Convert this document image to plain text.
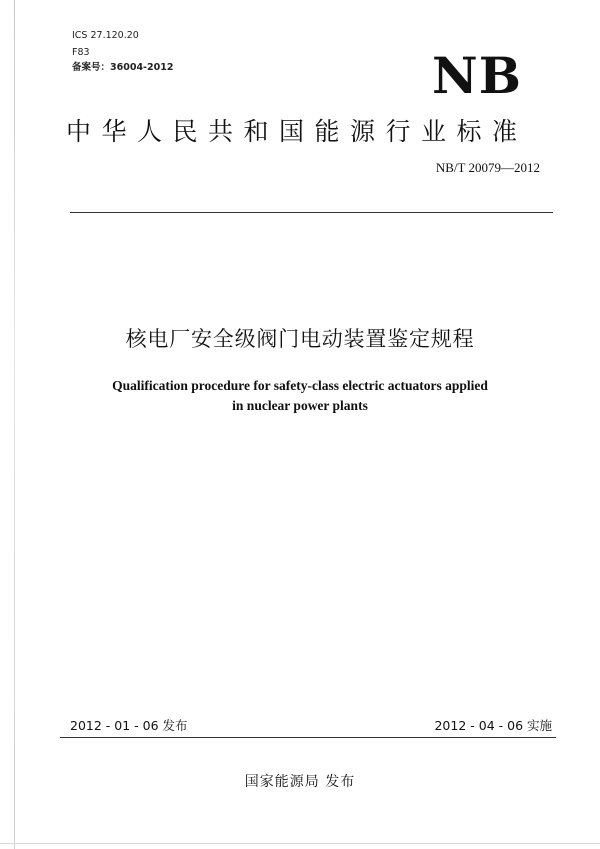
ICS 27.120.20
F83
备案号：36004-2012	NB
中华人民共和国能源行业标准
NB/T 20079—2012
核电厂安全级阀门电动装置鉴定规程
Qualification procedure for safety-class electric actuators applied
in nuclear power plants
2012 - 01 - 06 发布	2012 - 04 - 06 实施
国家能源局 发布
